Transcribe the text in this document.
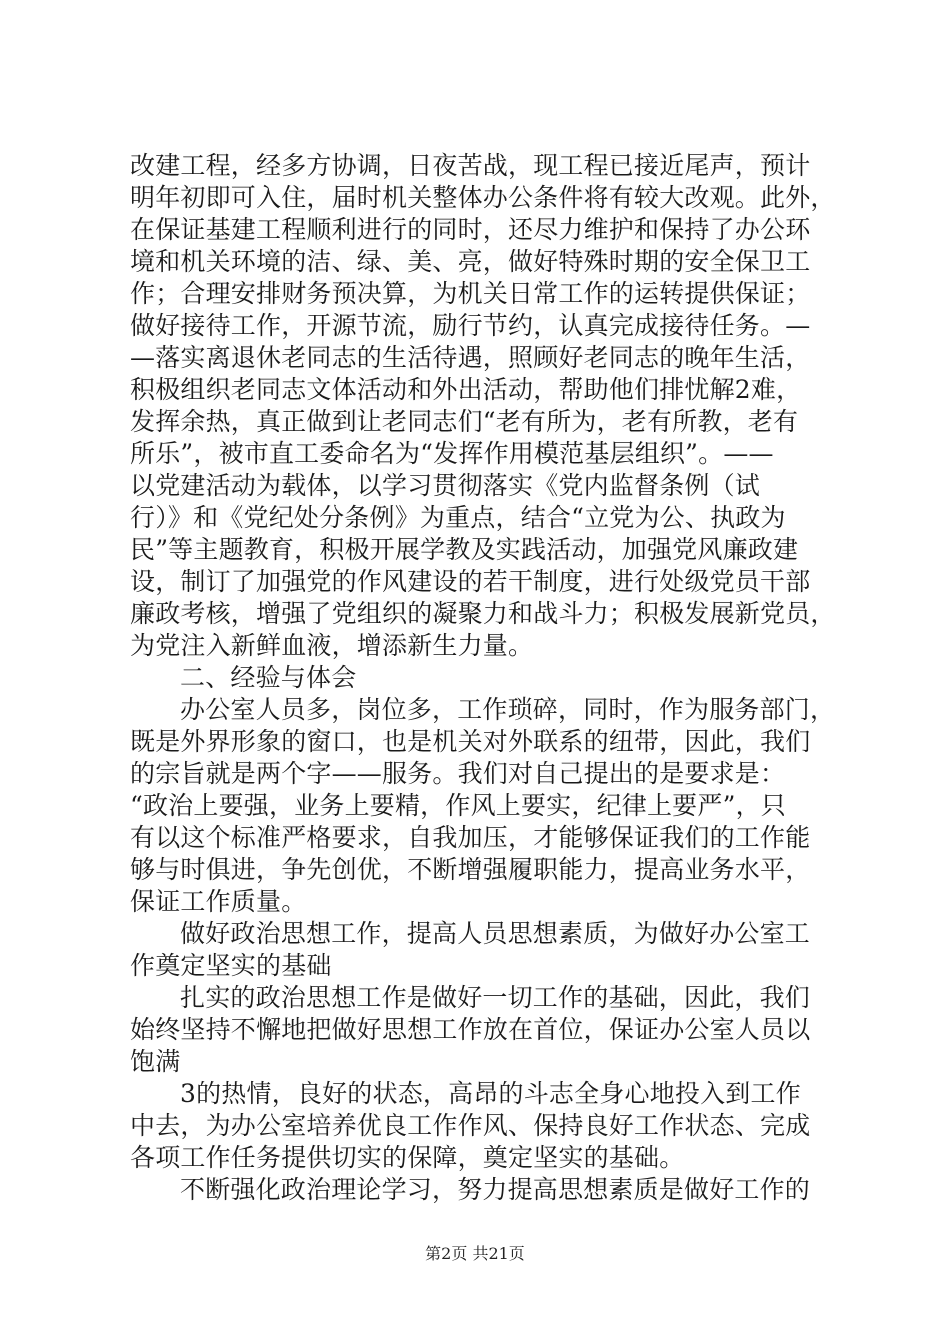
改建工程，经多方协调，日夜苦战，现工程已接近尾声，预计
明年初即可入住，届时机关整体办公条件将有较大改观。此外，
在保证基建工程顺利进行的同时，还尽力维护和保持了办公环
境和机关环境的洁、绿、美、亮，做好特殊时期的安全保卫工
作；合理安排财务预决算，为机关日常工作的运转提供保证；
做好接待工作，开源节流，励行节约，认真完成接待任务。—
—落实离退休老同志的生活待遇，照顾好老同志的晚年生活，
积极组织老同志文体活动和外出活动，帮助他们排忧解2难，
发挥余热，真正做到让老同志们“老有所为，老有所教，老有
所乐”，被市直工委命名为“发挥作用模范基层组织”。——
以党建活动为载体，以学习贯彻落实《党内监督条例（试
行）》和《党纪处分条例》为重点，结合“立党为公、执政为
民”等主题教育，积极开展学教及实践活动，加强党风廉政建
设，制订了加强党的作风建设的若干制度，进行处级党员干部
廉政考核，增强了党组织的凝聚力和战斗力；积极发展新党员，
为党注入新鲜血液，增添新生力量。
二、经验与体会
办公室人员多，岗位多，工作琐碎，同时，作为服务部门，
既是外界形象的窗口，也是机关对外联系的纽带，因此，我们
的宗旨就是两个字——服务。我们对自己提出的是要求是：
“政治上要强，业务上要精，作风上要实，纪律上要严”，只
有以这个标准严格要求，自我加压，才能够保证我们的工作能
够与时俱进，争先创优，不断增强履职能力，提高业务水平，
保证工作质量。
做好政治思想工作，提高人员思想素质，为做好办公室工
作奠定坚实的基础
扎实的政治思想工作是做好一切工作的基础，因此，我们
始终坚持不懈地把做好思想工作放在首位，保证办公室人员以
饱满
3的热情，良好的状态，高昂的斗志全身心地投入到工作
中去，为办公室培养优良工作作风、保持良好工作状态、完成
各项工作任务提供切实的保障，奠定坚实的基础。
不断强化政治理论学习，努力提高思想素质是做好工作的
第2页 共21页
